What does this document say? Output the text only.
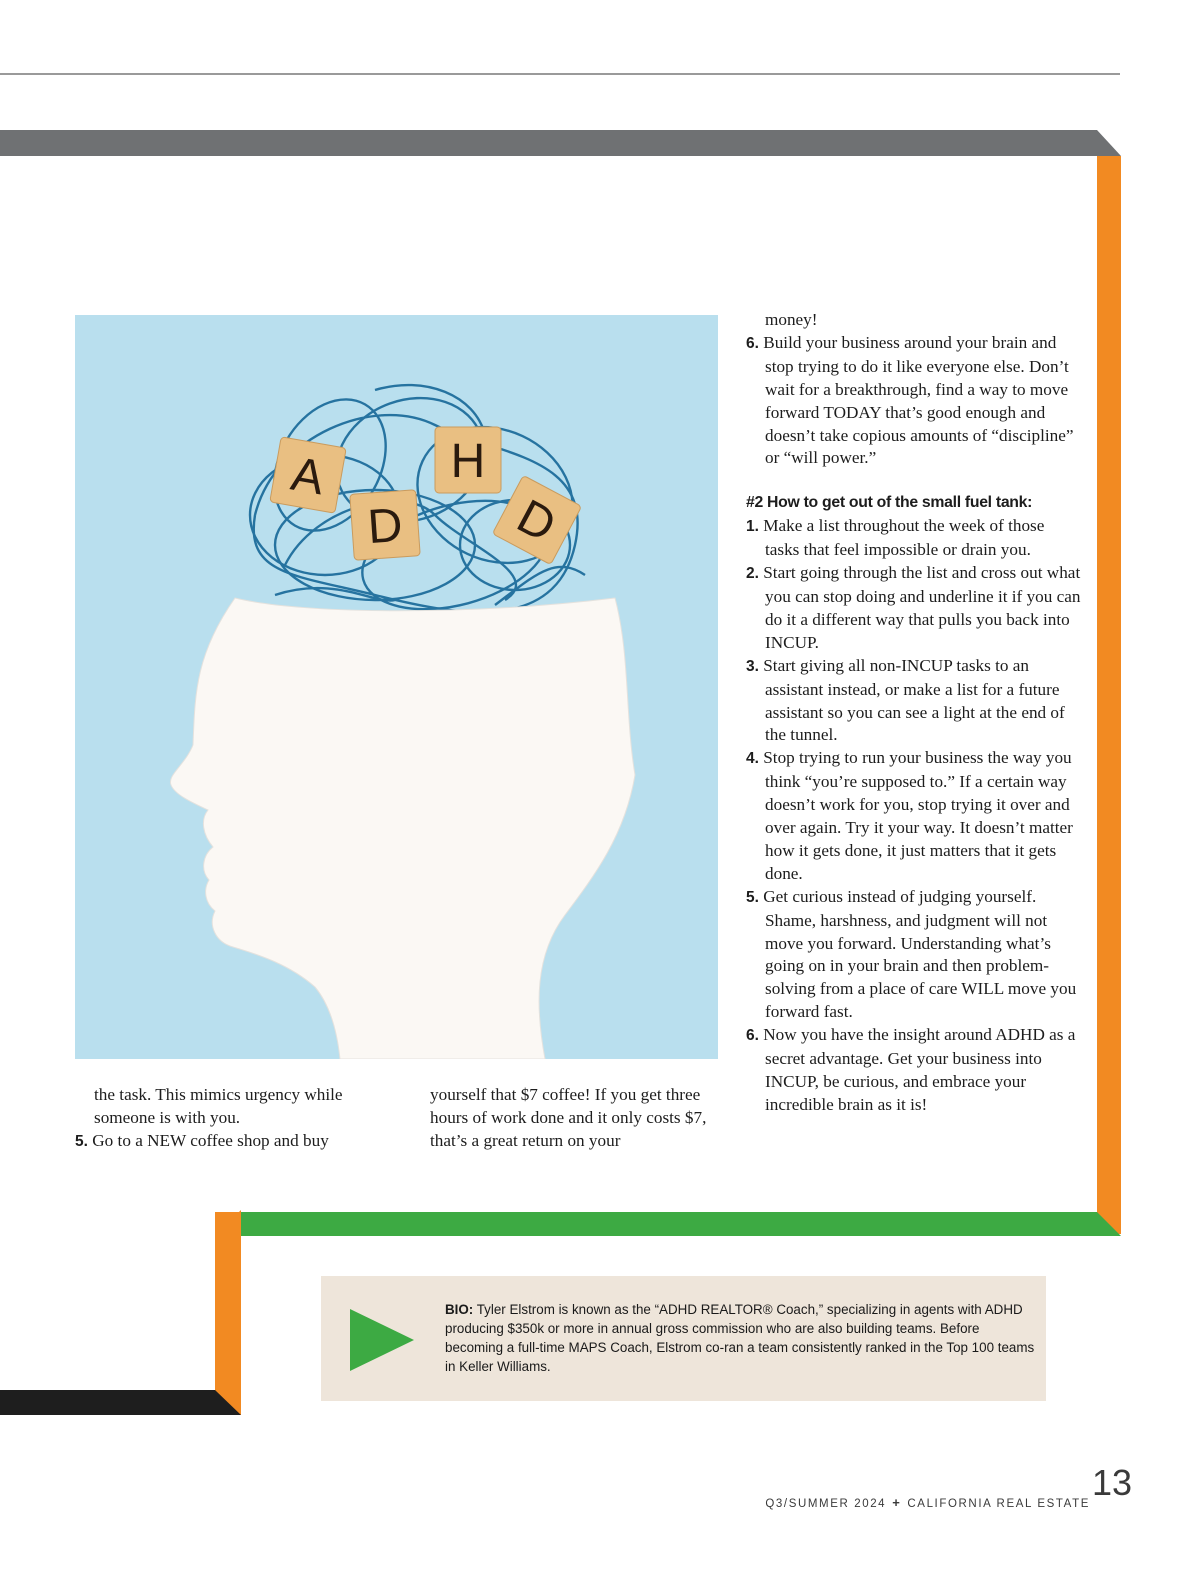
A
D
H
D

the task. This mimics urgency while someone is with you.

5. Go to a NEW coffee shop and buy

yourself that $7 coffee! If you get three hours of work done and it only costs $7, that’s a great return on your

money!

6. Build your business around your brain and stop trying to do it like everyone else. Don’t wait for a breakthrough, find a way to move forward TODAY that’s good enough and doesn’t take copious amounts of “discipline” or “will power.”

#2 How to get out of the small fuel tank:

1. Make a list throughout the week of those tasks that feel impossible or drain you.

2. Start going through the list and cross out what you can stop doing and underline it if you can do it a different way that pulls you back into INCUP.

3. Start giving all non-INCUP tasks to an assistant instead, or make a list for a future assistant so you can see a light at the end of the tunnel.

4. Stop trying to run your business the way you think “you’re supposed to.” If a certain way doesn’t work for you, stop trying it over and over again. Try it your way. It doesn’t matter how it gets done, it just matters that it gets done.

5. Get curious instead of judging yourself. Shame, harshness, and judgment will not move you forward. Understanding what’s going on in your brain and then problem-solving from a place of care WILL move you forward fast.

6. Now you have the insight around ADHD as a secret advantage. Get your business into INCUP, be curious, and embrace your incredible brain as it is!

BIO: Tyler Elstrom is known as the “ADHD REALTOR® Coach,” specializing in agents with ADHD producing $350k or more in annual gross commission who are also building teams. Before becoming a full-time MAPS Coach, Elstrom co-ran a team consistently ranked in the Top 100 teams in Keller Williams.
Q3/SUMMER 2024 + CALIFORNIA REAL ESTATE
13
